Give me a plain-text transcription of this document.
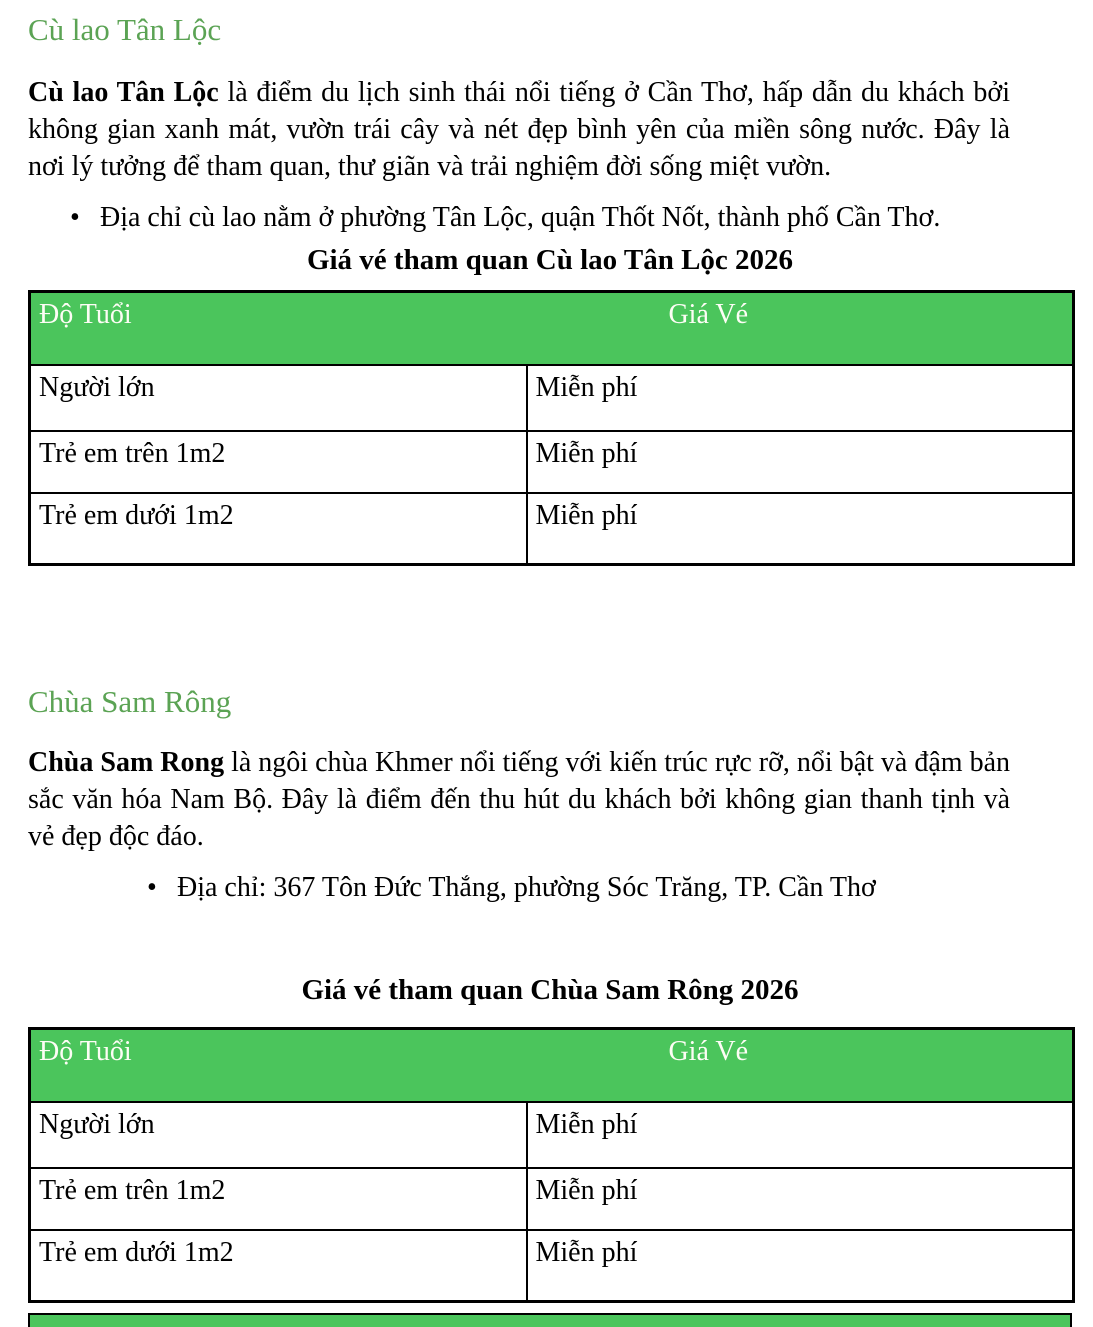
Cù lao Tân Lộc

Cù lao Tân Lộc là điểm du lịch sinh thái nổi tiếng ở Cần Thơ, hấp dẫn du khách bởi không gian xanh mát, vườn trái cây và nét đẹp bình yên của miền sông nước. Đây là nơi lý tưởng để tham quan, thư giãn và trải nghiệm đời sống miệt vườn.

• Địa chỉ cù lao nằm ở phường Tân Lộc, quận Thốt Nốt, thành phố Cần Thơ.

Giá vé tham quan Cù lao Tân Lộc 2026

Độ Tuổi	Giá Vé
Người lớn	Miễn phí
Trẻ em trên 1m2	Miễn phí
Trẻ em dưới 1m2	Miễn phí
Chùa Sam Rông

Chùa Sam Rong là ngôi chùa Khmer nổi tiếng với kiến trúc rực rỡ, nổi bật và đậm bản sắc văn hóa Nam Bộ. Đây là điểm đến thu hút du khách bởi không gian thanh tịnh và vẻ đẹp độc đáo.

• Địa chỉ: 367 Tôn Đức Thắng, phường Sóc Trăng, TP. Cần Thơ

Giá vé tham quan Chùa Sam Rông 2026

Độ Tuổi	Giá Vé
Người lớn	Miễn phí
Trẻ em trên 1m2	Miễn phí
Trẻ em dưới 1m2	Miễn phí
